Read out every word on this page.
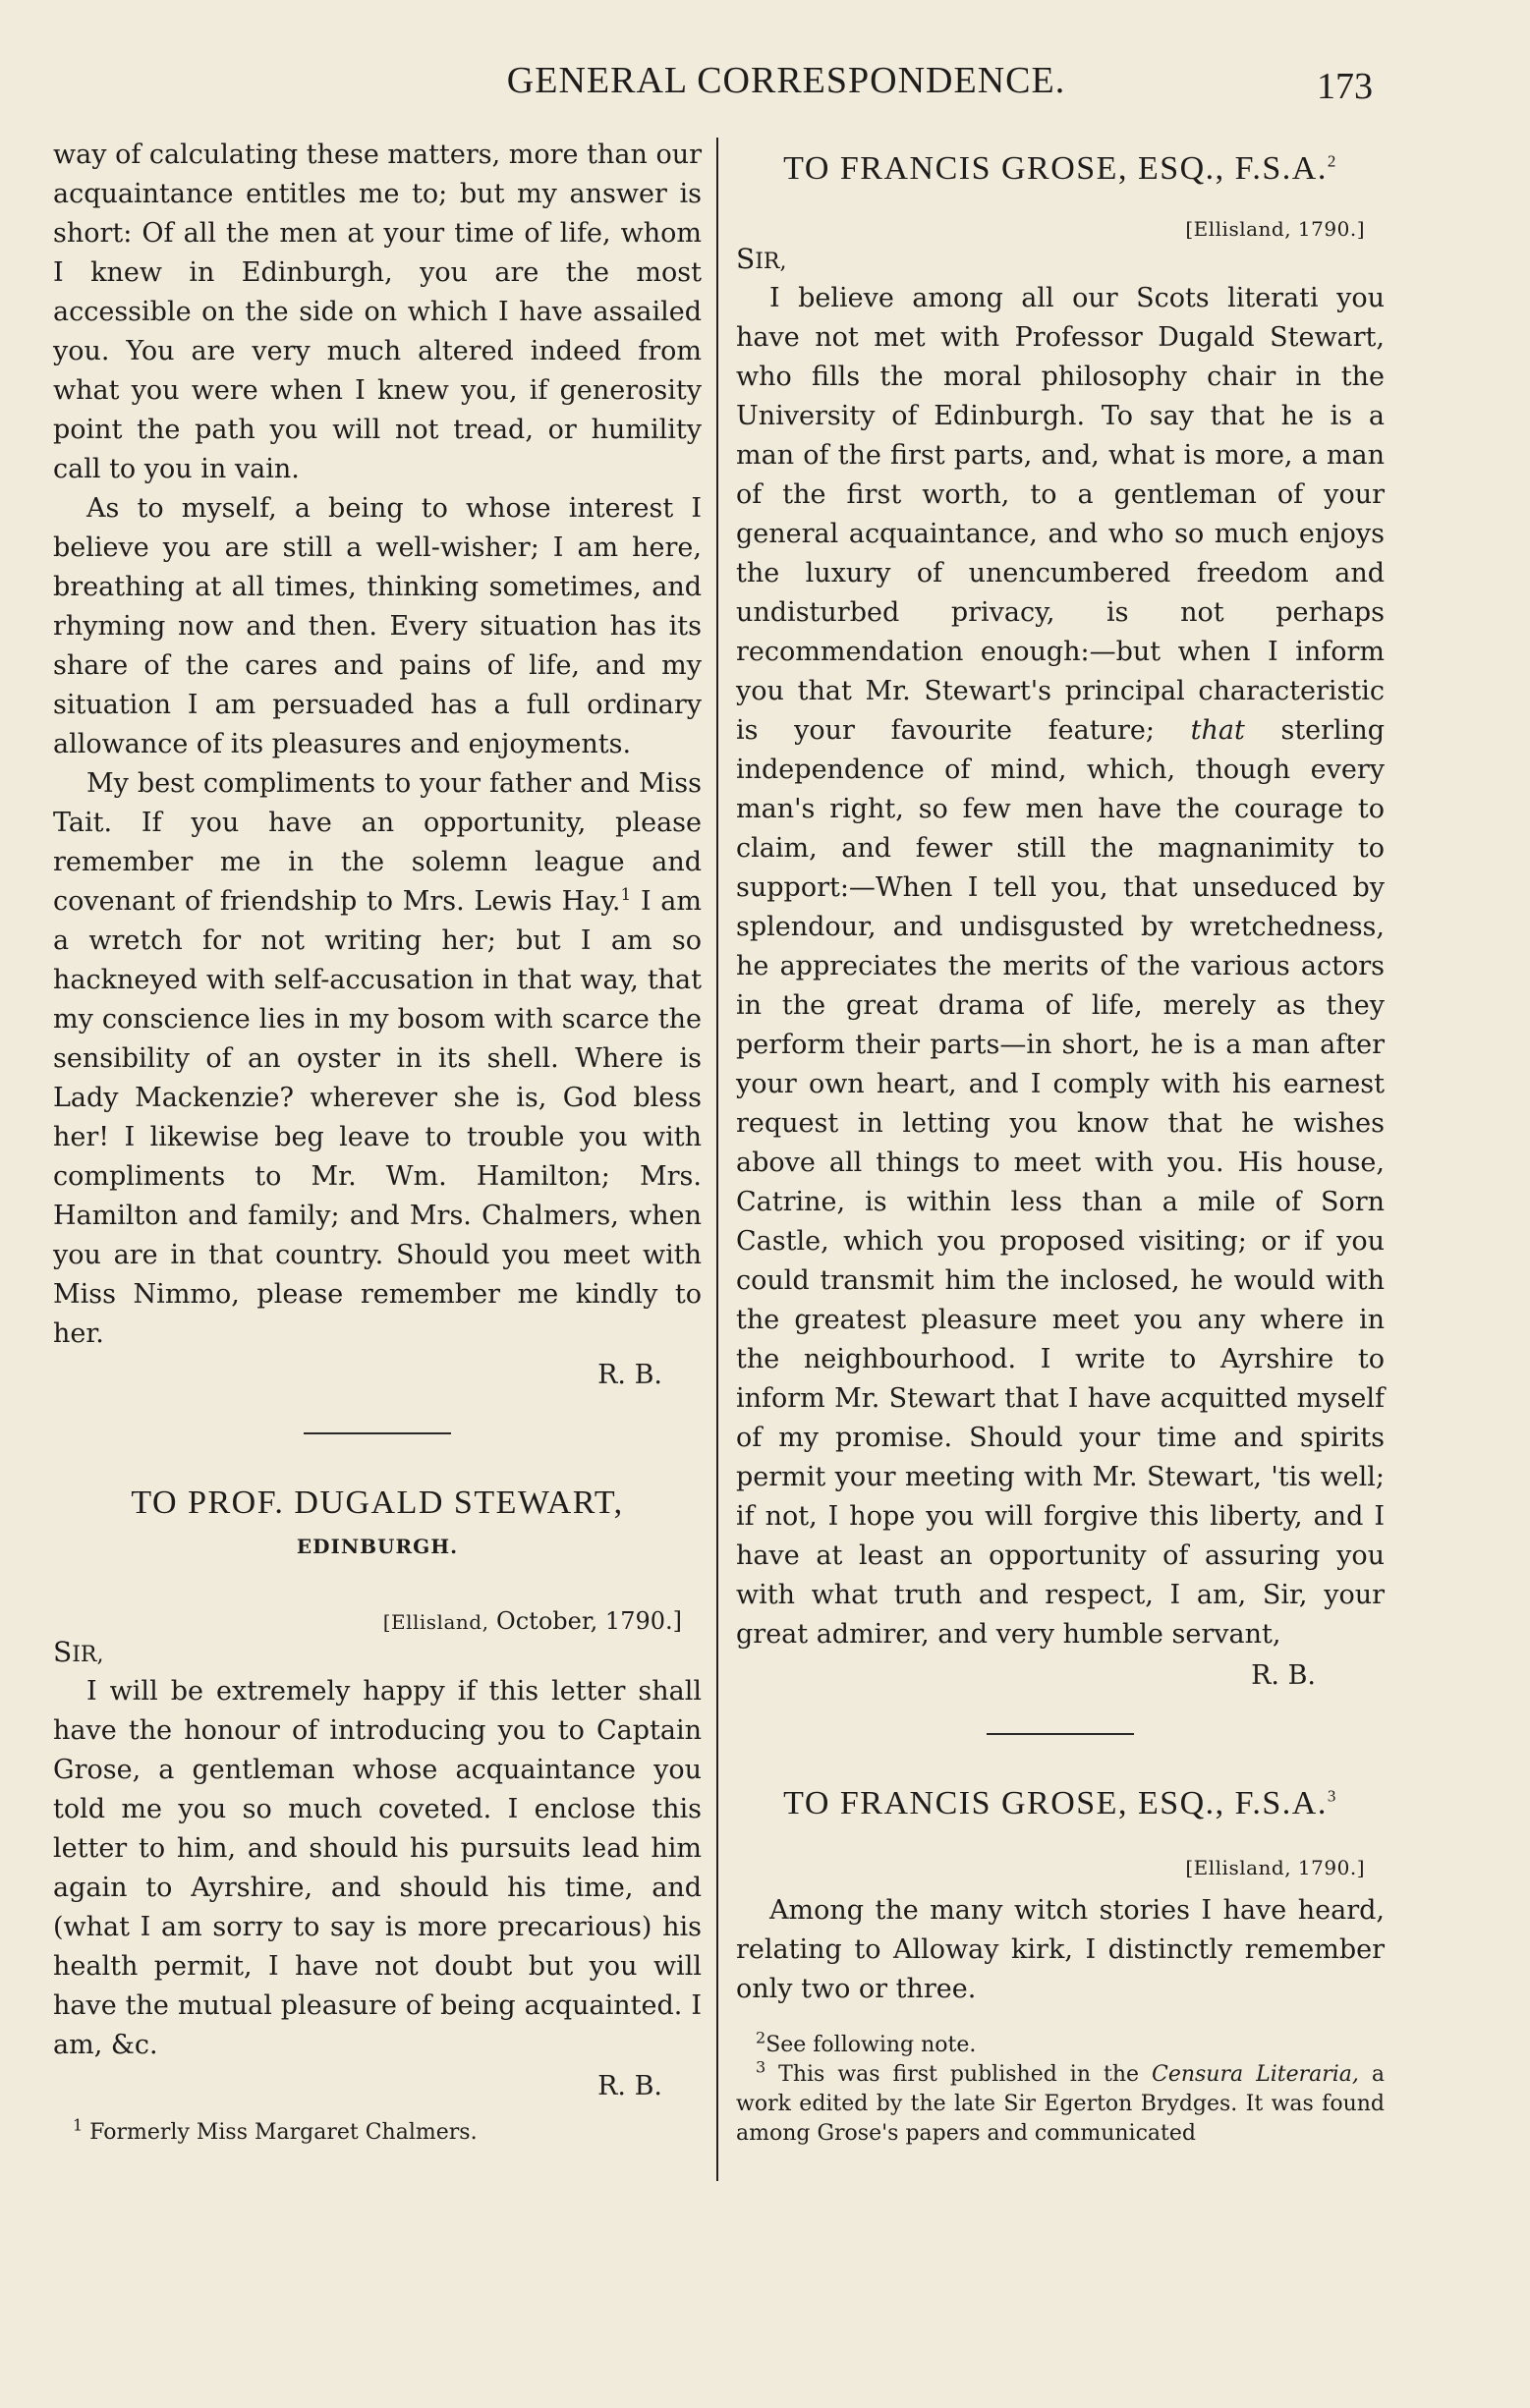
GENERAL CORRESPONDENCE.	173

way of calculating these matters, more than our acquaintance entitles me to; but my answer is short: Of all the men at your time of life, whom I knew in Edinburgh, you are the most accessible on the side on which I have assailed you. You are very much altered indeed from what you were when I knew you, if generosity point the path you will not tread, or humility call to you in vain.

As to myself, a being to whose interest I believe you are still a well-wisher; I am here, breathing at all times, thinking sometimes, and rhyming now and then. Every situation has its share of the cares and pains of life, and my situation I am persuaded has a full ordinary allowance of its pleasures and enjoyments.

My best compliments to your father and Miss Tait. If you have an opportunity, please remember me in the solemn league and covenant of friendship to Mrs. Lewis Hay.$^1$ I am a wretch for not writing her; but I am so hackneyed with self-accusation in that way, that my conscience lies in my bosom with scarce the sensibility of an oyster in its shell. Where is Lady Mackenzie? wherever she is, God bless her! I likewise beg leave to trouble you with compliments to Mr. Wm. Hamilton; Mrs. Hamilton and family; and Mrs. Chalmers, when you are in that country. Should you meet with Miss Nimmo, please remember me kindly to her.

R. B.
TO PROF. DUGALD STEWART,
EDINBURGH.
[Ellisland, October, 1790.]

SIR,

I will be extremely happy if this letter shall have the honour of introducing you to Captain Grose, a gentleman whose acquaintance you told me you so much coveted. I enclose this letter to him, and should his pursuits lead him again to Ayrshire, and should his time, and (what I am sorry to say is more precarious) his health permit, I have not doubt but you will have the mutual pleasure of being acquainted. I am, &c.

R. B.

$^1$ Formerly Miss Margaret Chalmers.

TO FRANCIS GROSE, ESQ., F.S.A.$^2$
[Ellisland, 1790.]

SIR,

I believe among all our Scots literati you have not met with Professor Dugald Stewart, who fills the moral philosophy chair in the University of Edinburgh. To say that he is a man of the first parts, and, what is more, a man of the first worth, to a gentleman of your general acquaintance, and who so much enjoys the luxury of unencumbered freedom and undisturbed privacy, is not perhaps recommendation enough:—but when I inform you that Mr. Stewart's principal characteristic is your favourite feature; that sterling independence of mind, which, though every man's right, so few men have the courage to claim, and fewer still the magnanimity to support:—When I tell you, that unseduced by splendour, and undisgusted by wretchedness, he appreciates the merits of the various actors in the great drama of life, merely as they perform their parts—in short, he is a man after your own heart, and I comply with his earnest request in letting you know that he wishes above all things to meet with you. His house, Catrine, is within less than a mile of Sorn Castle, which you proposed visiting; or if you could transmit him the inclosed, he would with the greatest pleasure meet you any where in the neighbourhood. I write to Ayrshire to inform Mr. Stewart that I have acquitted myself of my promise. Should your time and spirits permit your meeting with Mr. Stewart, 'tis well; if not, I hope you will forgive this liberty, and I have at least an opportunity of assuring you with what truth and respect, I am, Sir, your great admirer, and very humble servant,

R. B.
TO FRANCIS GROSE, ESQ., F.S.A.$^3$
[Ellisland, 1790.]

Among the many witch stories I have heard, relating to Alloway kirk, I distinctly remember only two or three.

$^2$See following note.

$^3$ This was first published in the Censura Literaria, a work edited by the late Sir Egerton Brydges. It was found among Grose's papers and communicated
